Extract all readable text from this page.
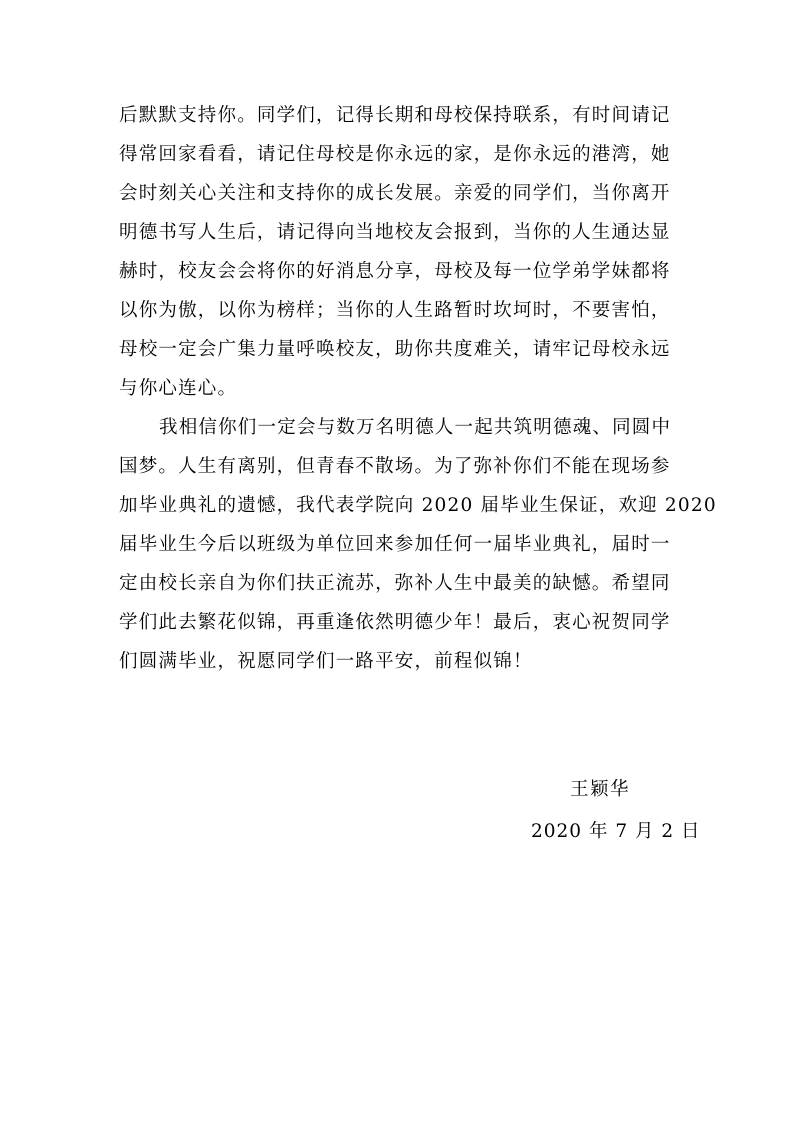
后默默支持你。同学们，记得长期和母校保持联系，有时间请记
得常回家看看，请记住母校是你永远的家，是你永远的港湾，她
会时刻关心关注和支持你的成长发展。亲爱的同学们，当你离开
明德书写人生后，请记得向当地校友会报到，当你的人生通达显
赫时，校友会会将你的好消息分享，母校及每一位学弟学妹都将
以你为傲，以你为榜样；当你的人生路暂时坎坷时，不要害怕，
母校一定会广集力量呼唤校友，助你共度难关，请牢记母校永远
与你心连心。
我相信你们一定会与数万名明德人一起共筑明德魂、同圆中
国梦。人生有离别，但青春不散场。为了弥补你们不能在现场参
加毕业典礼的遗憾，我代表学院向 2020 届毕业生保证，欢迎 2020
届毕业生今后以班级为单位回来参加任何一届毕业典礼，届时一
定由校长亲自为你们扶正流苏，弥补人生中最美的缺憾。希望同
学们此去繁花似锦，再重逢依然明德少年！最后，衷心祝贺同学
们圆满毕业，祝愿同学们一路平安，前程似锦！
王颖华
2020 年 7 月 2 日
